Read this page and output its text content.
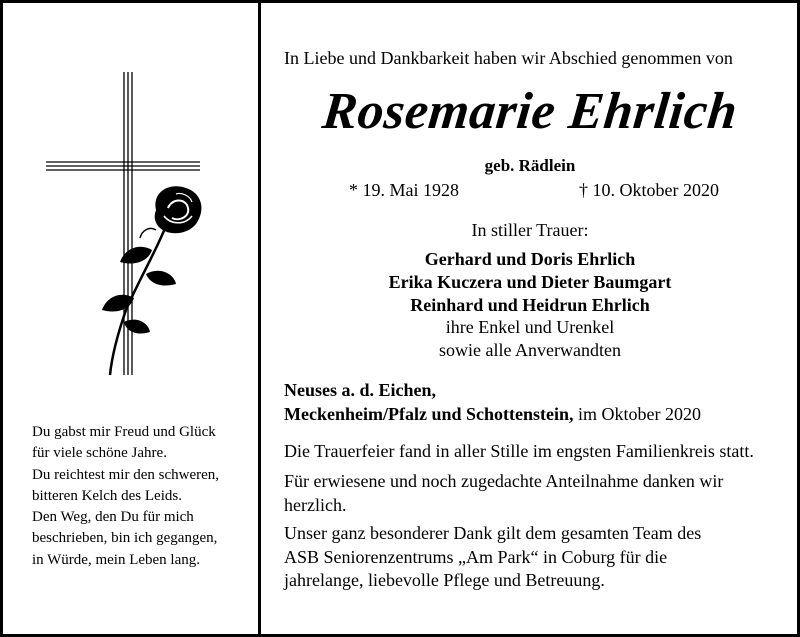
Du gabst mir Freud und Glück
für viele schöne Jahre.
Du reichtest mir den schweren,
bitteren Kelch des Leids.
Den Weg, den Du für mich
beschrieben, bin ich gegangen,
in Würde, mein Leben lang.
In Liebe und Dankbarkeit haben wir Abschied genommen von
Rosemarie Ehrlich
geb. Rädlein
* 19. Mai 1928	† 10. Oktober 2020
In stiller Trauer:
Gerhard und Doris Ehrlich
Erika Kuczera und Dieter Baumgart
Reinhard und Heidrun Ehrlich
ihre Enkel und Urenkel
sowie alle Anverwandten
Neuses a. d. Eichen,
Meckenheim/Pfalz und Schottenstein, im Oktober 2020
Die Trauerfeier fand in aller Stille im engsten Familienkreis statt.
Für erwiesene und noch zugedachte Anteilnahme danken wir
herzlich.
Unser ganz besonderer Dank gilt dem gesamten Team des
ASB Seniorenzentrums „Am Park“ in Coburg für die
jahrelange, liebevolle Pflege und Betreuung.
